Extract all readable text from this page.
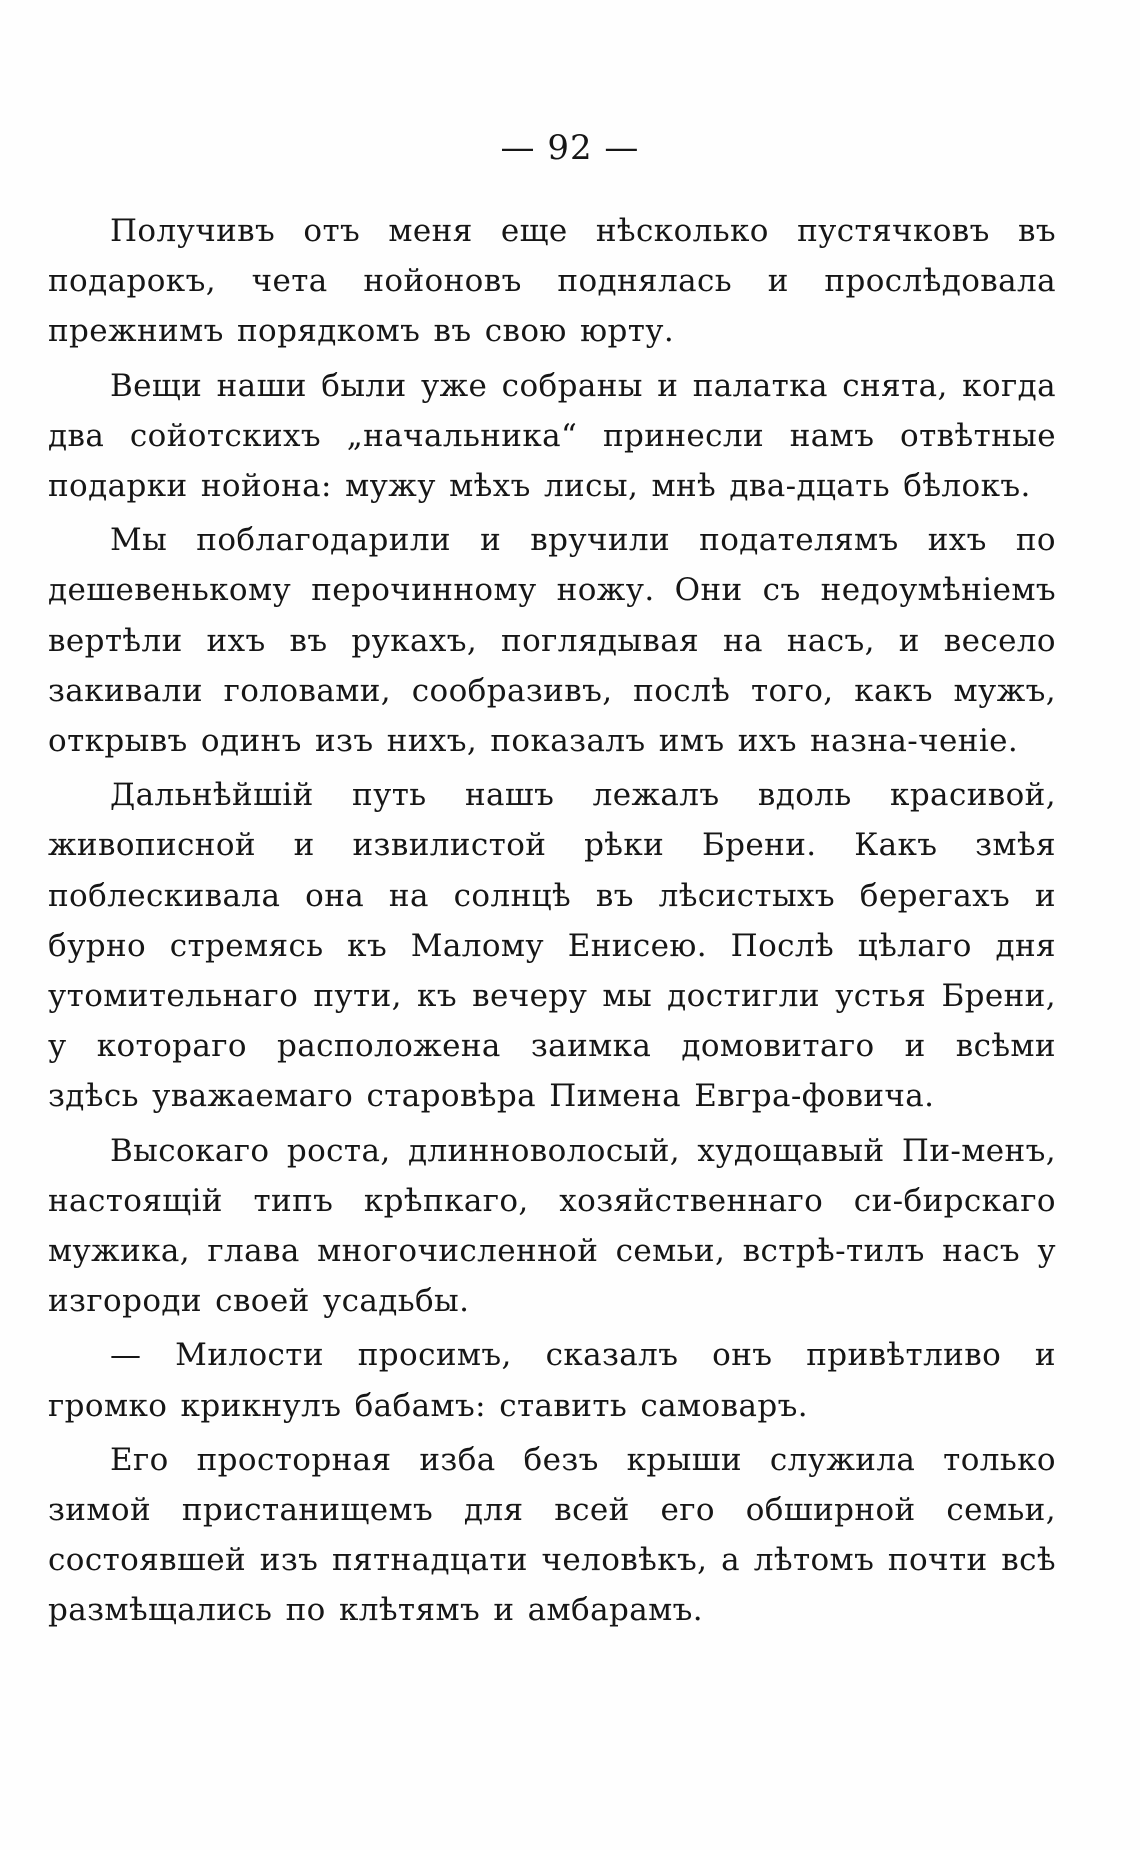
— 92 —

Получивъ отъ меня еще нѣсколько пустячковъ въ подарокъ, чета нойоновъ поднялась и прослѣдовала прежнимъ порядкомъ въ свою юрту.

Вещи наши были уже собраны и палатка снята, когда два сойотскихъ „начальника“ принесли намъ отвѣтные подарки нойона: мужу мѣхъ лисы, мнѣ два-дцать бѣлокъ.

Мы поблагодарили и вручили подателямъ ихъ по дешевенькому перочинному ножу. Они съ недоумѣніемъ вертѣли ихъ въ рукахъ, поглядывая на насъ, и весело закивали головами, сообразивъ, послѣ того, какъ мужъ, открывъ одинъ изъ нихъ, показалъ имъ ихъ назна-ченіе.

Дальнѣйшій путь нашъ лежалъ вдоль красивой, живописной и извилистой рѣки Брени. Какъ змѣя поблескивала она на солнцѣ въ лѣсистыхъ берегахъ и бурно стремясь къ Малому Енисею. Послѣ цѣлаго дня утомительнаго пути, къ вечеру мы достигли устья Брени, у котораго расположена заимка домовитаго и всѣми здѣсь уважаемаго старовѣра Пимена Евгра-фовича.

Высокаго роста, длинноволосый, худощавый Пи-менъ, настоящій типъ крѣпкаго, хозяйственнаго си-бирскаго мужика, глава многочисленной семьи, встрѣ-тилъ насъ у изгороди своей усадьбы.

— Милости просимъ, сказалъ онъ привѣтливо и громко крикнулъ бабамъ: ставить самоваръ.

Его просторная изба безъ крыши служила только зимой пристанищемъ для всей его обширной семьи, состоявшей изъ пятнадцати человѣкъ, а лѣтомъ почти всѣ размѣщались по клѣтямъ и амбарамъ.
